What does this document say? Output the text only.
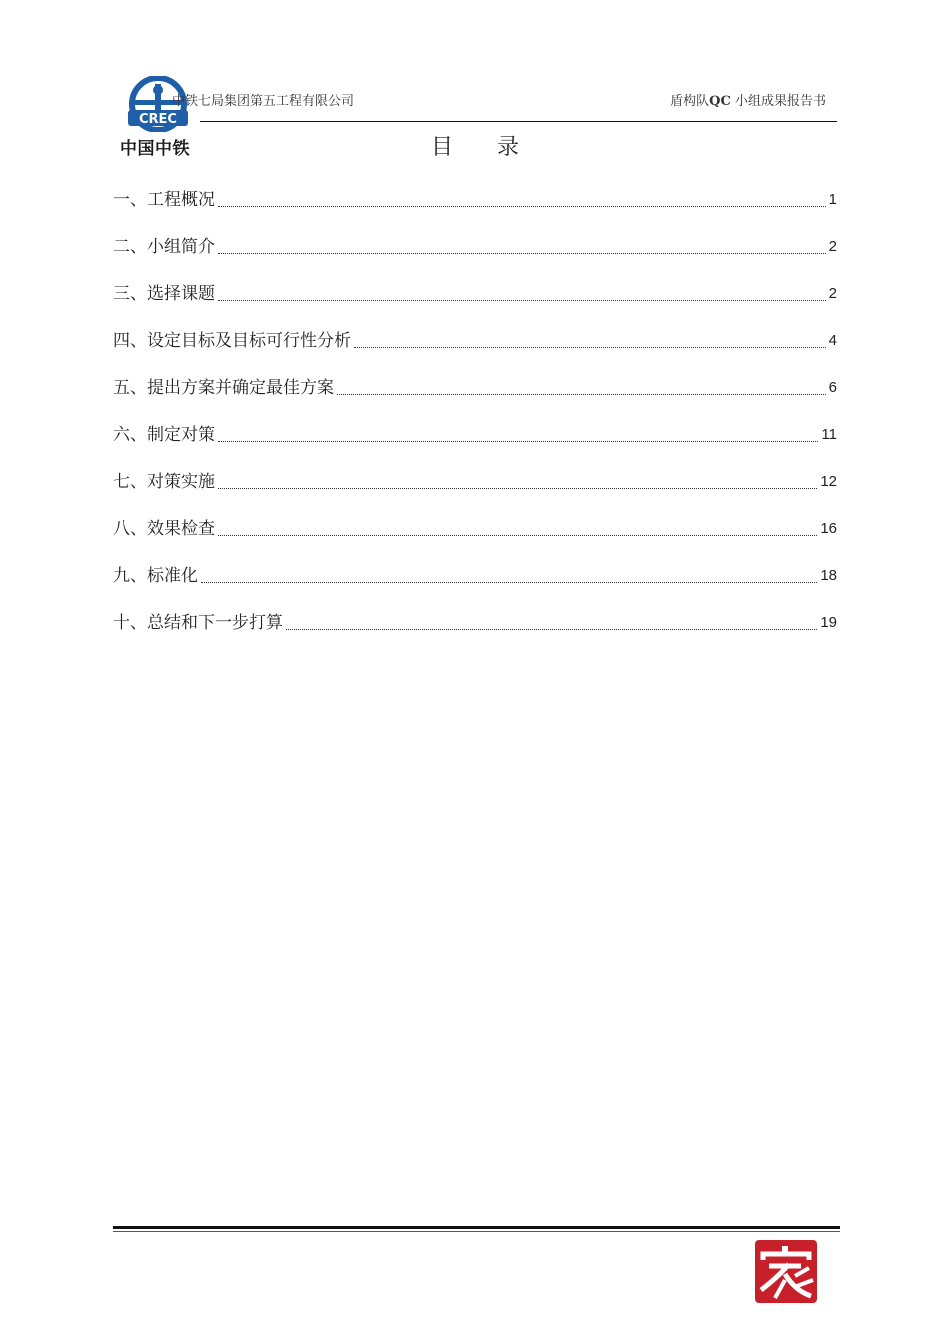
CREC
中国中铁
中铁七局集团第五工程有限公司	盾构队QC 小组成果报告书
目　　录
一、工程概况	1
二、小组简介	2
三、选择课题	2
四、设定目标及目标可行性分析	4
五、提出方案并确定最佳方案	6
六、制定对策	11
七、对策实施	12
八、效果检查	16
九、标准化	18
十、总结和下一步打算	19
